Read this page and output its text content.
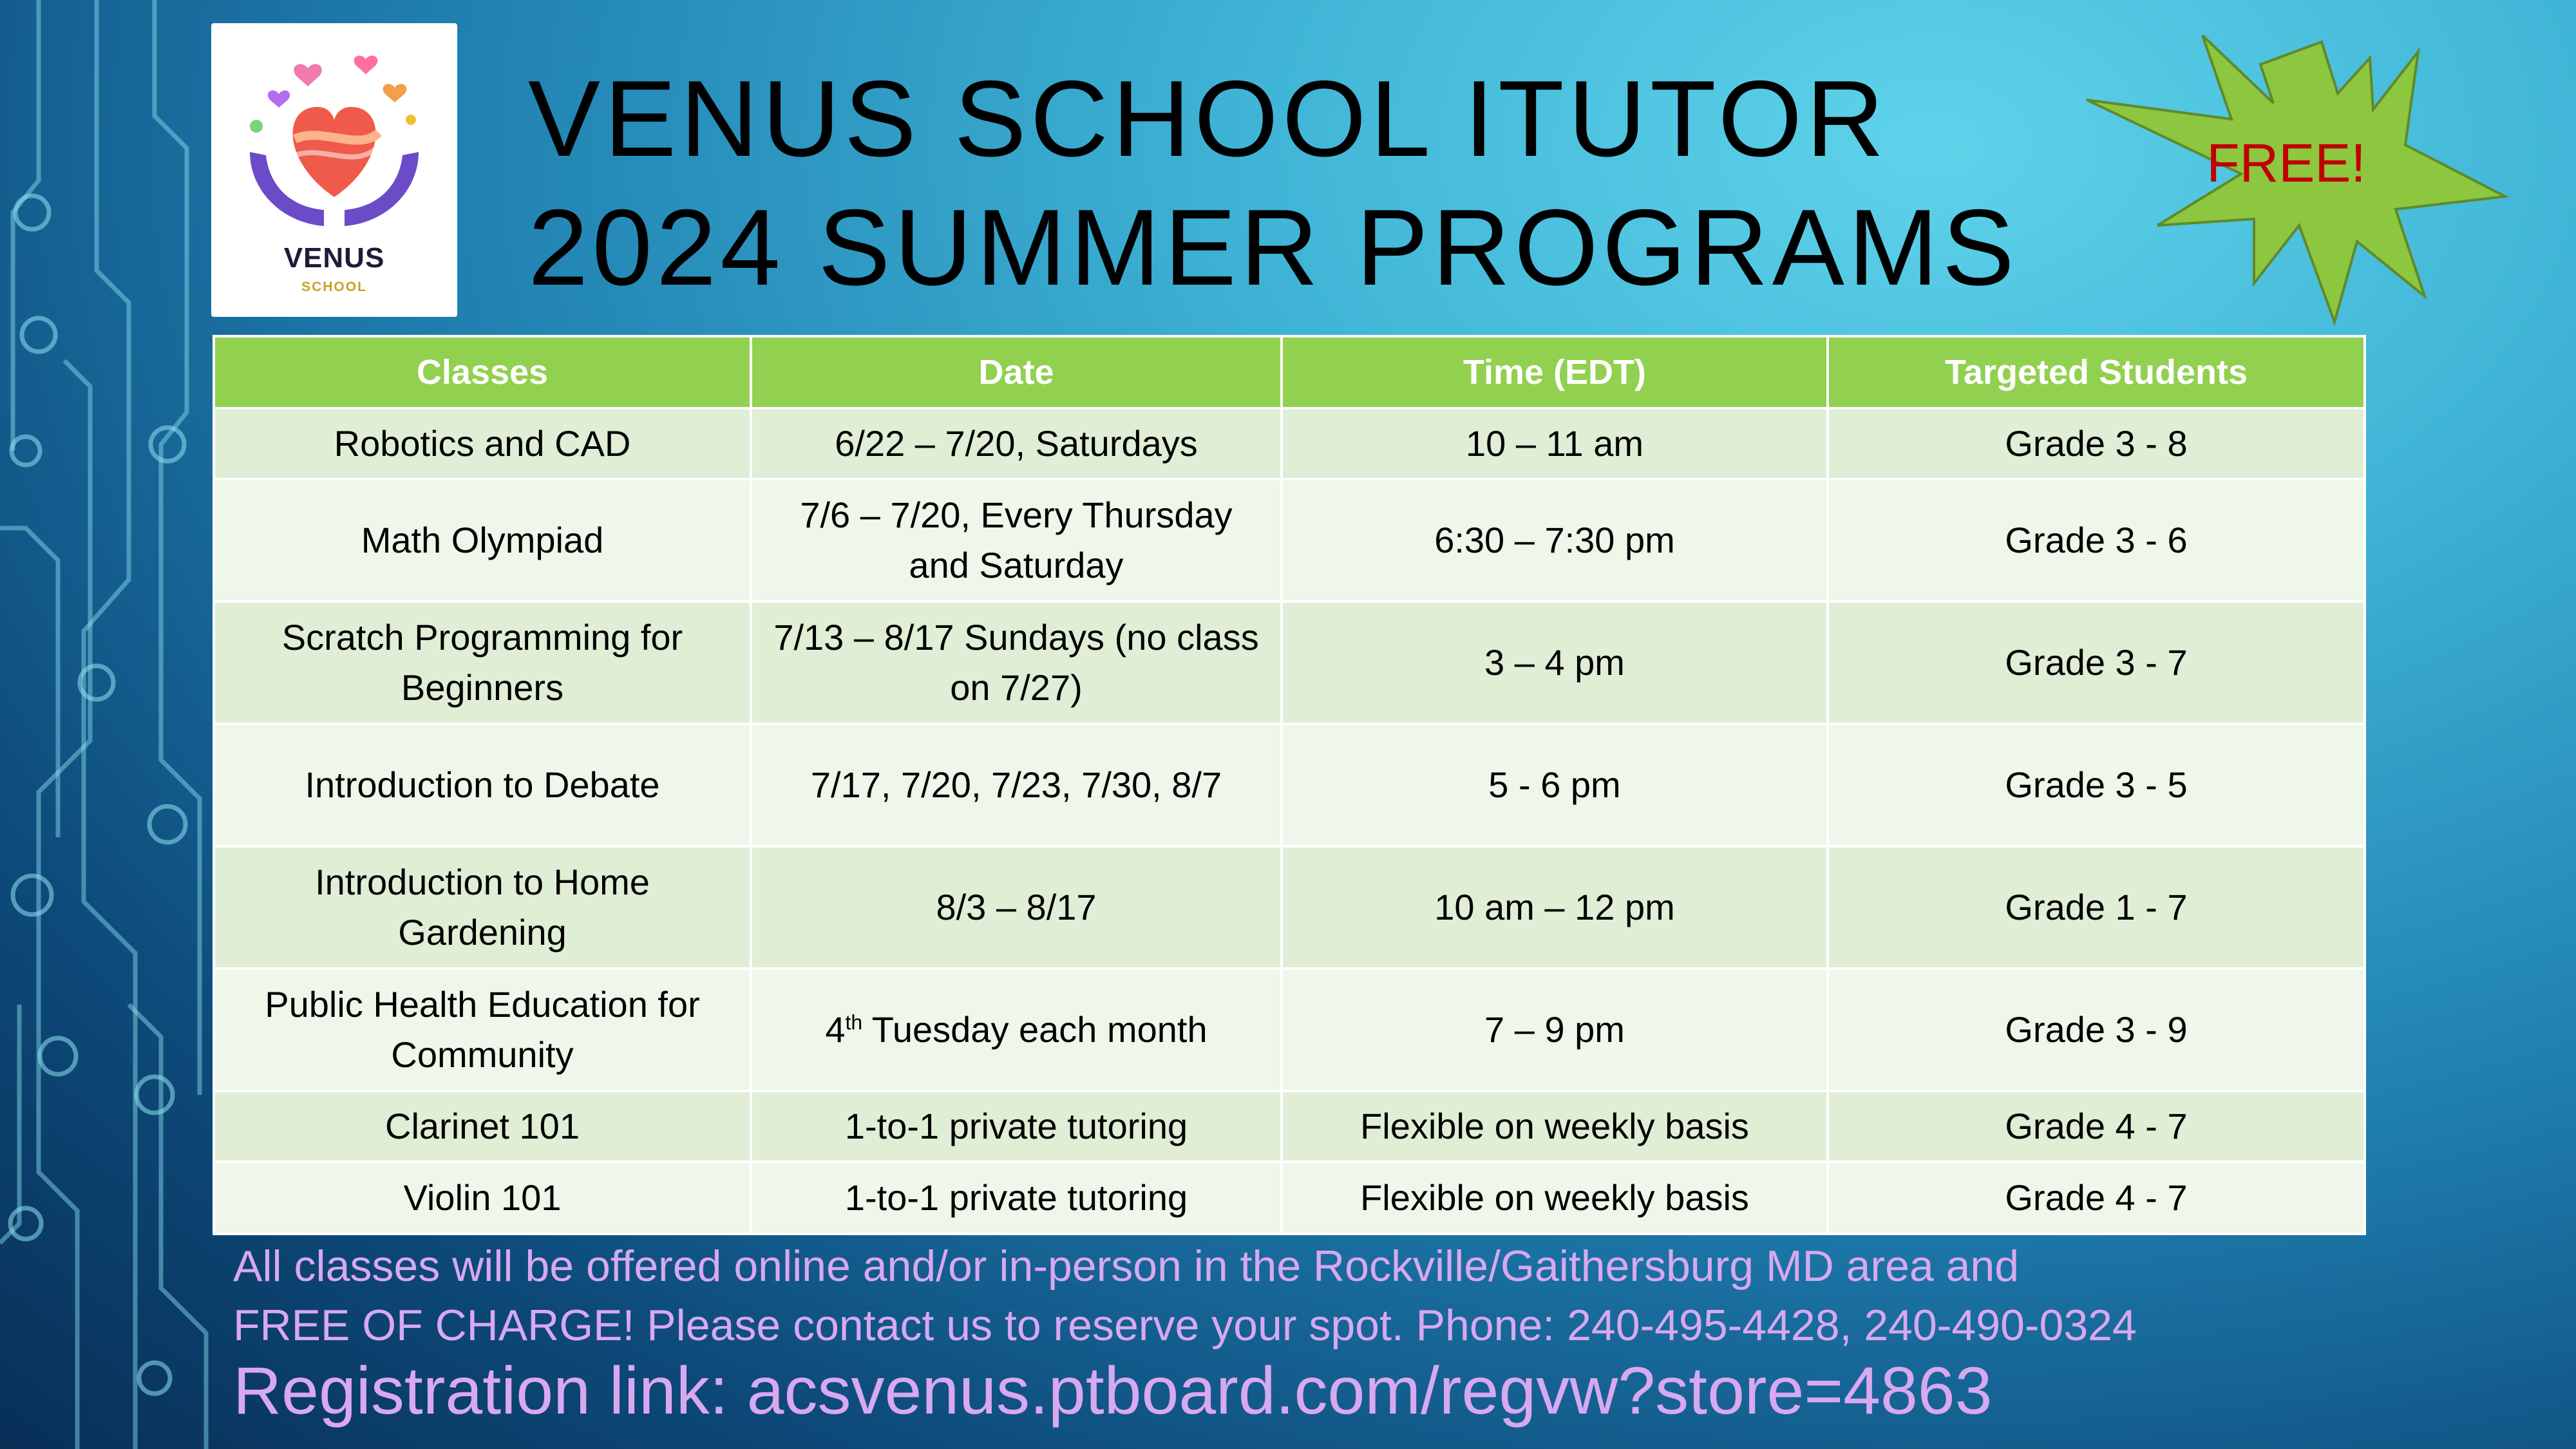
VENUS
SCHOOL
VENUS SCHOOL ITUTOR
2024 SUMMER PROGRAMS
FREE!
Classes	Date	Time (EDT)	Targeted Students
Robotics and CAD	6/22 – 7/20, Saturdays	10 – 11 am	Grade 3 - 8
Math Olympiad	7/6 – 7/20, Every Thursday and Saturday	6:30 – 7:30 pm	Grade 3 - 6
Scratch Programming for Beginners	7/13 – 8/17 Sundays (no class on 7/27)	3 – 4 pm	Grade 3 - 7
Introduction to Debate	7/17, 7/20, 7/23, 7/30, 8/7	5 - 6 pm	Grade 3 - 5
Introduction to Home Gardening	8/3 – 8/17	10 am – 12 pm	Grade 1 - 7
Public Health Education for Community	4th Tuesday each month	7 – 9 pm	Grade 3 - 9
Clarinet 101	1-to-1 private tutoring	Flexible on weekly basis	Grade 4 - 7
Violin 101	1-to-1 private tutoring	Flexible on weekly basis	Grade 4 - 7

All classes will be offered online and/or in-person in the Rockville/Gaithersburg MD area and
FREE OF CHARGE! Please contact us to reserve your spot. Phone: 240-495-4428, 240-490-0324

Registration link: acsvenus.ptboard.com/regvw?store=4863
